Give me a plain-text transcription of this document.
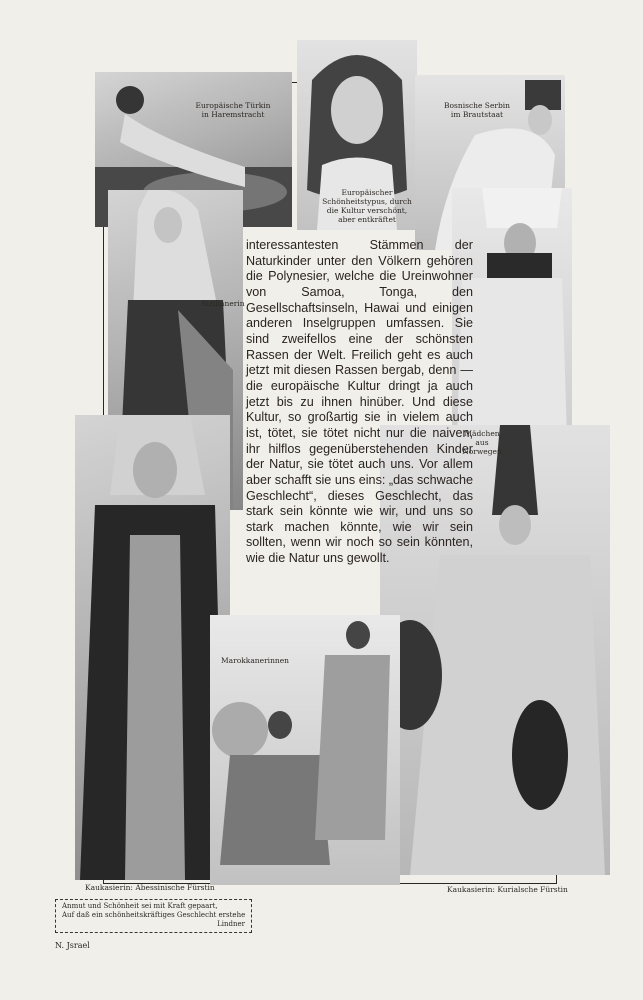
Europäische Türkin
in Haremstracht
Bosnische Serbin
im Brautstaat
Europäischer
Schönheitstypus, durch
die Kultur verschönt,
aber entkräftet
Sizilianerin
Mädchen
aus
Norwegen
Marokkanerinnen
Kaukasierin: Abessinische Fürstin	Kaukasierin: Kurialsche Fürstin
interessantesten Stämmen der Naturkinder unter den Völkern gehören die Polynesier, welche die Ureinwohner von Samoa, Tonga, den Gesellschaftsinseln, Hawai und einigen anderen Inselgruppen umfassen. Sie sind zweifellos eine der schönsten Rassen der Welt. Freilich geht es auch jetzt mit diesen Rassen bergab, denn — die europäische Kultur dringt ja auch jetzt bis zu ihnen hinüber. Und diese Kultur, so großartig sie in vielem auch ist, tötet, sie tötet nicht nur die naiven, ihr hilflos gegenüberstehenden Kinder der Natur, sie tötet auch uns. Vor allem aber schafft sie uns eins: „das schwache Geschlecht“, dieses Geschlecht, das stark sein könnte wie wir, und uns so stark machen könnte, wie wir sein sollten, wenn wir noch so sein könnten, wie die Natur uns gewollt.
Anmut und Schönheit sei mit Kraft gepaart,
Auf daß ein schönheitskräftiges Geschlecht erstehe
Lindner
N. Jsrael
